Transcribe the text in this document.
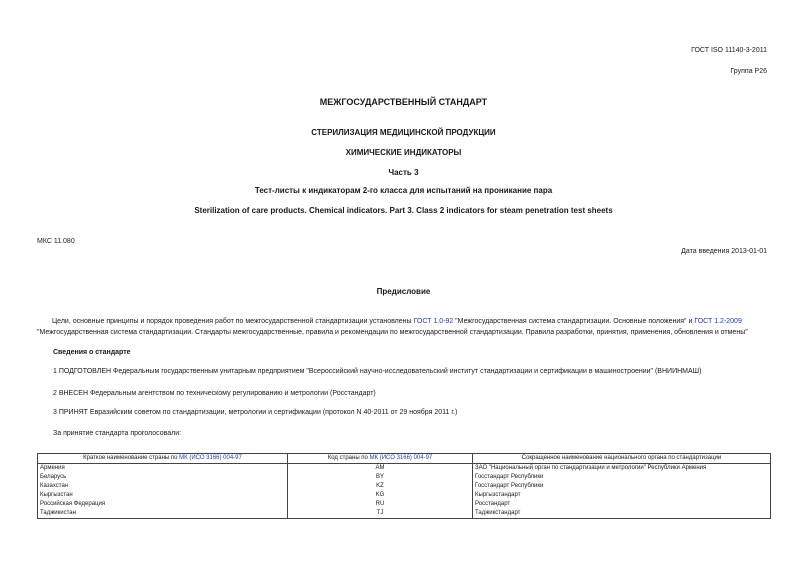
ГОСТ ISO 11140-3-2011
Группа Р26
МЕЖГОСУДАРСТВЕННЫЙ СТАНДАРТ
СТЕРИЛИЗАЦИЯ МЕДИЦИНСКОЙ ПРОДУКЦИИ
ХИМИЧЕСКИЕ ИНДИКАТОРЫ
Часть 3
Тест-листы к индикаторам 2-го класса для испытаний на проникание пара
Sterilization of care products. Chemical indicators. Part 3. Class 2 indicators for steam penetration test sheets
МКС 11.080
Дата введения 2013-01-01
Предисловие
Цели, основные принципы и порядок проведения работ по межгосударственной стандартизации установлены ГОСТ 1.0-92 "Межгосударственная система стандартизации. Основные положения" и ГОСТ 1.2-2009 "Межгосударственная система стандартизации. Стандарты межгосударственные, правила и рекомендации по межгосударственной стандартизации. Правила разработки, принятия, применения, обновления и отмены"
Сведения о стандарте
1 ПОДГОТОВЛЕН Федеральным государственным унитарным предприятием "Всероссийский научно-исследовательский институт стандартизации и сертификации в машиностроении" (ВНИИНМАШ)
2 ВНЕСЕН Федеральным агентством по техническому регулированию и метрологии (Росстандарт)
3 ПРИНЯТ Евразийским советом по стандартизации, метрологии и сертификации (протокол N 40-2011 от 29 ноября 2011 г.)
За принятие стандарта проголосовали:
Краткое наименование страны по МК (ИСО 3166) 004-97	Код страны по МК (ИСО 3166) 004-97	Сокращенное наименование национального органа по стандартизации
Армения	AM	ЗАО "Национальный орган по стандартизации и метрологии" Республики Армения
Беларусь	BY	Госстандарт Республики
Казахстан	KZ	Госстандарт Республики
Кыргызстан	KG	Кыргызстандарт
Российская Федерация	RU	Росстандарт
Таджикистан	TJ	Таджикстандарт
